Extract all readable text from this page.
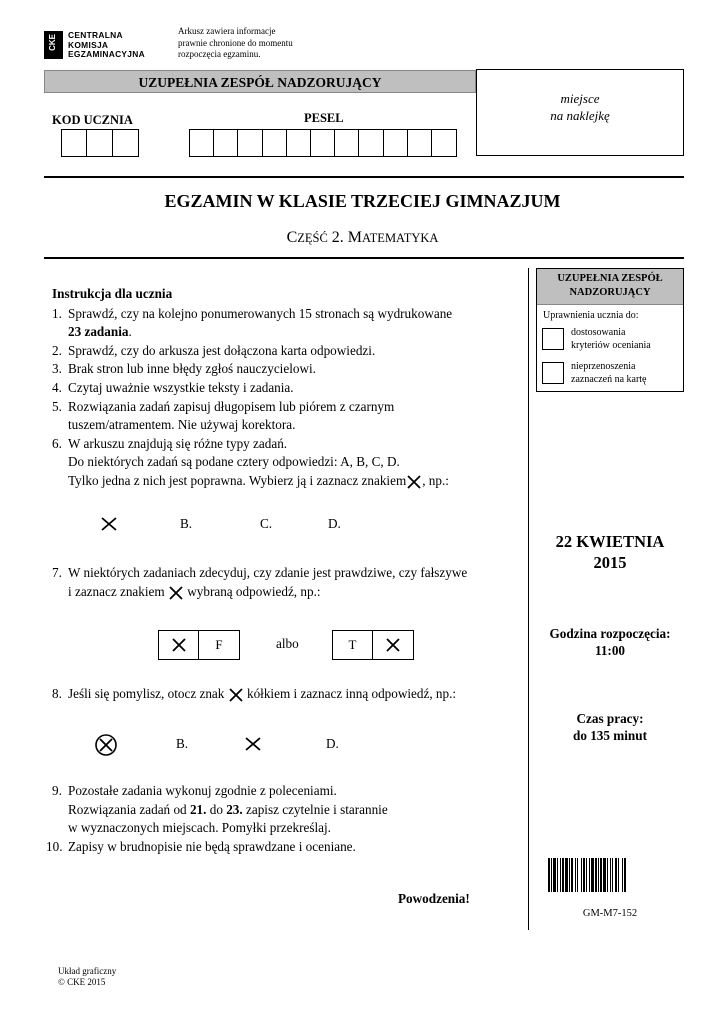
CKE CENTRALNA
KOMISJA
EGZAMINACYJNA
Arkusz zawiera informacje
prawnie chronione do momentu
rozpoczęcia egzaminu.
UZUPEŁNIA ZESPÓŁ NADZORUJĄCY
miejsce
na naklejkę
KOD UCZNIA	PESEL
EGZAMIN W KLASIE TRZECIEJ GIMNAZJUM
CZĘŚĆ 2. MATEMATYKA
Instrukcja dla ucznia
1. Sprawdź, czy na kolejno ponumerowanych 15 stronach są wydrukowane
23 zadania.
2. Sprawdź, czy do arkusza jest dołączona karta odpowiedzi.
3. Brak stron lub inne błędy zgłoś nauczycielowi.
4. Czytaj uważnie wszystkie teksty i zadania.
5. Rozwiązania zadań zapisuj długopisem lub piórem z czarnym
tuszem/atramentem. Nie używaj korektora.
6. W arkuszu znajdują się różne typy zadań.
Do niektórych zadań są podane cztery odpowiedzi: A, B, C, D.
Tylko jedna z nich jest poprawna. Wybierz ją i zaznacz znakiem , np.:
B.	C.	D.
7. W niektórych zadaniach zdecyduj, czy zdanie jest prawdziwe, czy fałszywe
i zaznacz znakiem wybraną odpowiedź, np.:
F	albo	T
8. Jeśli się pomylisz, otocz znak kółkiem i zaznacz inną odpowiedź, np.:
B.	D.
9. Pozostałe zadania wykonuj zgodnie z poleceniami.
Rozwiązania zadań od 21. do 23. zapisz czytelnie i starannie
w wyznaczonych miejscach. Pomyłki przekreślaj.
10. Zapisy w brudnopisie nie będą sprawdzane i oceniane.
Powodzenia!
UZUPEŁNIA ZESPÓŁ
NADZORUJĄCY
Uprawnienia ucznia do:
dostosowania
kryteriów oceniania
nieprzenoszenia
zaznaczeń na kartę
22 KWIETNIA
2015
Godzina rozpoczęcia:
11:00
Czas pracy:
do 135 minut
GM-M7-152
Układ graficzny
© CKE 2015
